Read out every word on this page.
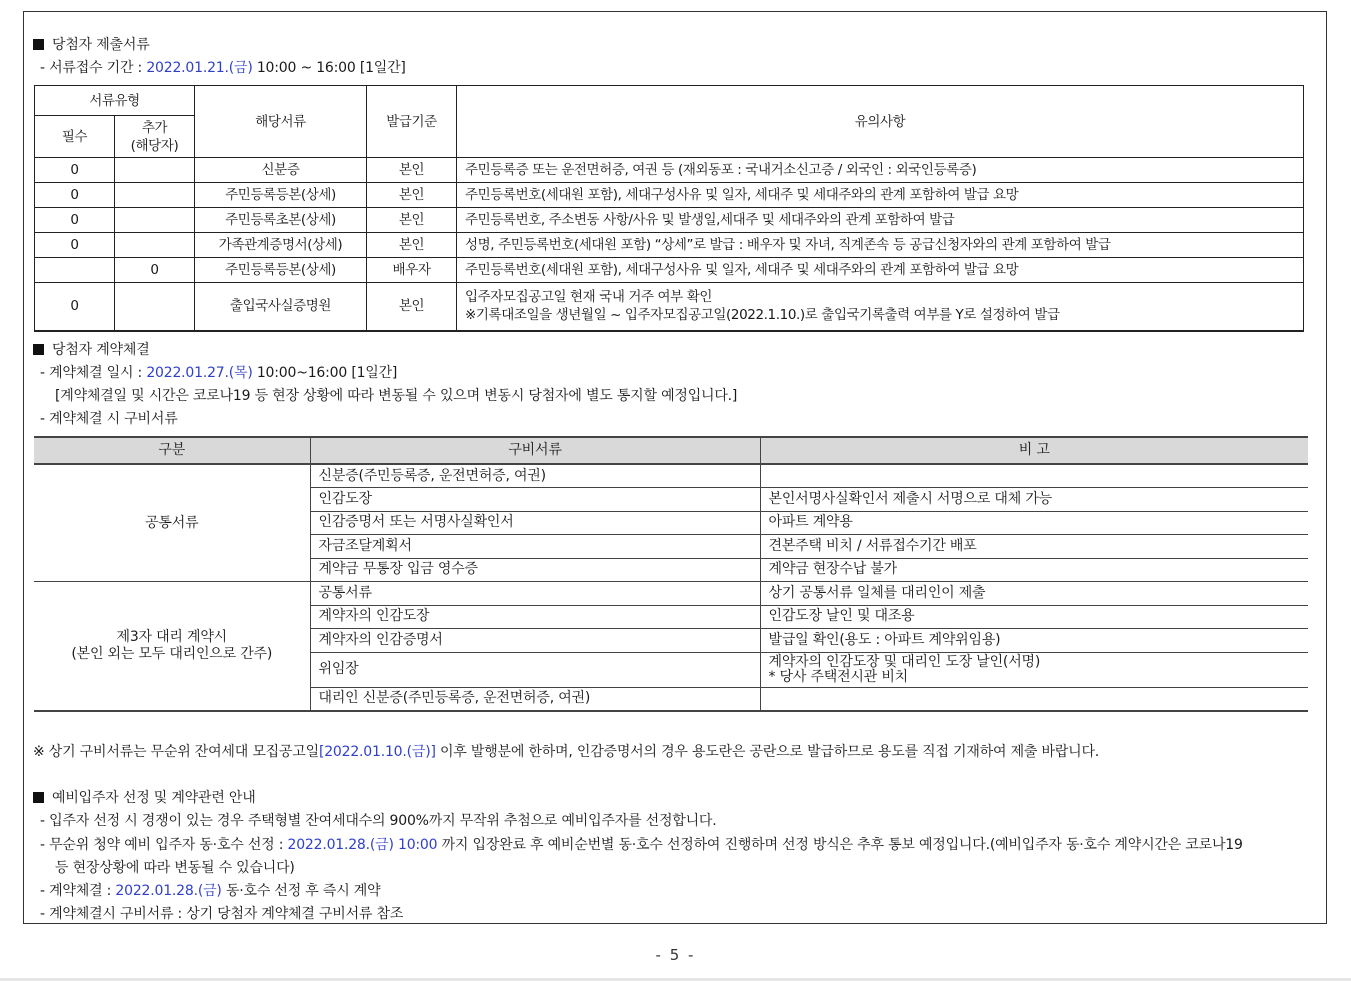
당첨자 제출서류
- 서류접수 기간 : 2022.01.21.(금) 10:00 ~ 16:00 [1일간]
서류유형		해당서류	발급기준	유의사항
필수	추가
(해당자)			
0		신분증	본인	주민등록증 또는 운전면허증, 여권 등 (재외동포 : 국내거소신고증 / 외국인 : 외국인등록증)
0		주민등록등본(상세)	본인	주민등록번호(세대원 포함), 세대구성사유 및 일자, 세대주 및 세대주와의 관계 포함하여 발급 요망
0		주민등록초본(상세)	본인	주민등록번호, 주소변동 사항/사유 및 발생일,세대주 및 세대주와의 관계 포함하여 발급
0		가족관계증명서(상세)	본인	성명, 주민등록번호(세대원 포함) “상세”로 발급 : 배우자 및 자녀, 직계존속 등 공급신청자와의 관계 포함하여 발급
	0	주민등록등본(상세)	배우자	주민등록번호(세대원 포함), 세대구성사유 및 일자, 세대주 및 세대주와의 관계 포함하여 발급 요망
0		출입국사실증명원	본인	입주자모집공고일 현재 국내 거주 여부 확인
※기록대조일을 생년월일 ~ 입주자모집공고일(2022.1.10.)로 출입국기록출력 여부를 Y로 설정하여 발급
당첨자 계약체결
- 계약체결 일시 : 2022.01.27.(목) 10:00~16:00 [1일간]
[계약체결일 및 시간은 코로나19 등 현장 상황에 따라 변동될 수 있으며 변동시 당첨자에 별도 통지할 예정입니다.]
- 계약체결 시 구비서류
구분	구비서류	비 고
공통서류	신분증(주민등록증, 운전면허증, 여권)	
	인감도장	본인서명사실확인서 제출시 서명으로 대체 가능
	인감증명서 또는 서명사실확인서	아파트 계약용
	자금조달계획서	견본주택 비치 / 서류접수기간 배포
	계약금 무통장 입금 영수증	계약금 현장수납 불가
제3자 대리 계약시
(본인 외는 모두 대리인으로 간주)	공통서류	상기 공통서류 일체를 대리인이 제출
	계약자의 인감도장	인감도장 날인 및 대조용
	계약자의 인감증명서	발급일 확인(용도 : 아파트 계약위임용)
	위임장	계약자의 인감도장 및 대리인 도장 날인(서명)
* 당사 주택전시관 비치
	대리인 신분증(주민등록증, 운전면허증, 여권)	
※ 상기 구비서류는 무순위 잔여세대 모집공고일[2022.01.10.(금)] 이후 발행분에 한하며, 인감증명서의 경우 용도란은 공란으로 발급하므로 용도를 직접 기재하여 제출 바랍니다.
예비입주자 선정 및 계약관련 안내
- 입주자 선정 시 경쟁이 있는 경우 주택형별 잔여세대수의 900%까지 무작위 추첨으로 예비입주자를 선정합니다.
- 무순위 청약 예비 입주자 동·호수 선정 : 2022.01.28.(금) 10:00 까지 입장완료 후 예비순번별 동·호수 선정하여 진행하며 선정 방식은 추후 통보 예정입니다.(예비입주자 동·호수 계약시간은 코로나19
등 현장상황에 따라 변동될 수 있습니다)
- 계약체결 : 2022.01.28.(금) 동·호수 선정 후 즉시 계약
- 계약체결시 구비서류 : 상기 당첨자 계약체결 구비서류 참조
- 5 -
